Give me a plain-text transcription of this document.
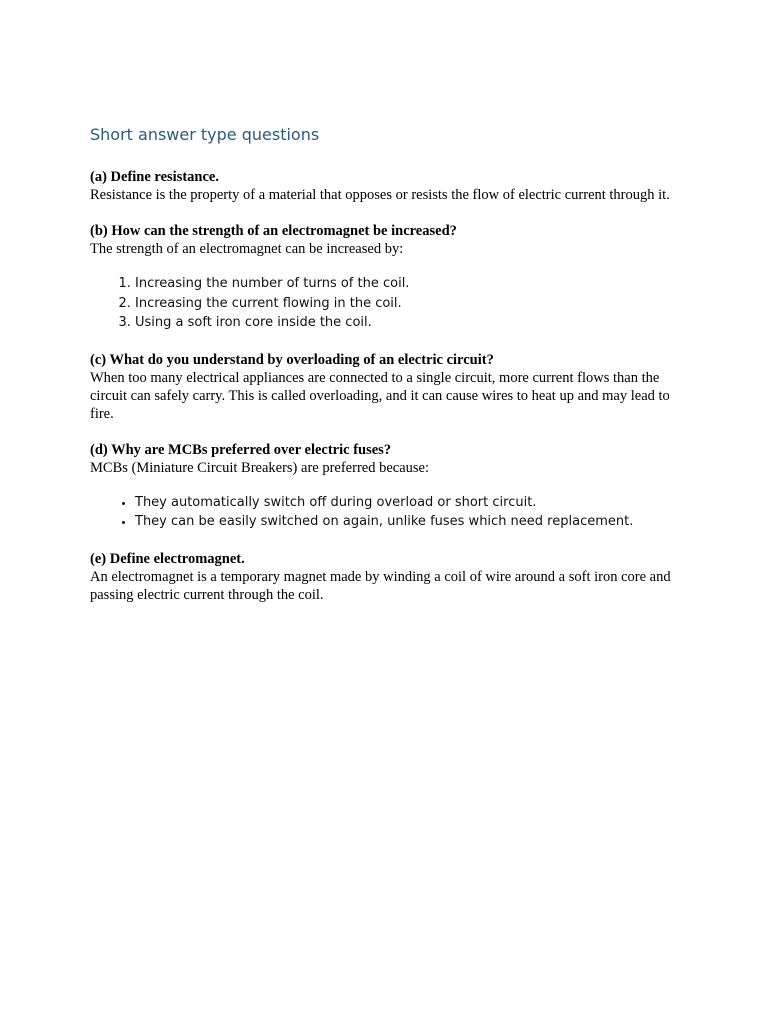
Short answer type questions

(a) Define resistance.

Resistance is the property of a material that opposes or resists the flow of electric current through it.

(b) How can the strength of an electromagnet be increased?

The strength of an electromagnet can be increased by:

1. Increasing the number of turns of the coil.
2. Increasing the current flowing in the coil.
3. Using a soft iron core inside the coil.

(c) What do you understand by overloading of an electric circuit?

When too many electrical appliances are connected to a single circuit, more current flows than the circuit can safely carry. This is called overloading, and it can cause wires to heat up and may lead to fire.

(d) Why are MCBs preferred over electric fuses?

MCBs (Miniature Circuit Breakers) are preferred because:

• They automatically switch off during overload or short circuit.
• They can be easily switched on again, unlike fuses which need replacement.

(e) Define electromagnet.

An electromagnet is a temporary magnet made by winding a coil of wire around a soft iron core and passing electric current through the coil.
